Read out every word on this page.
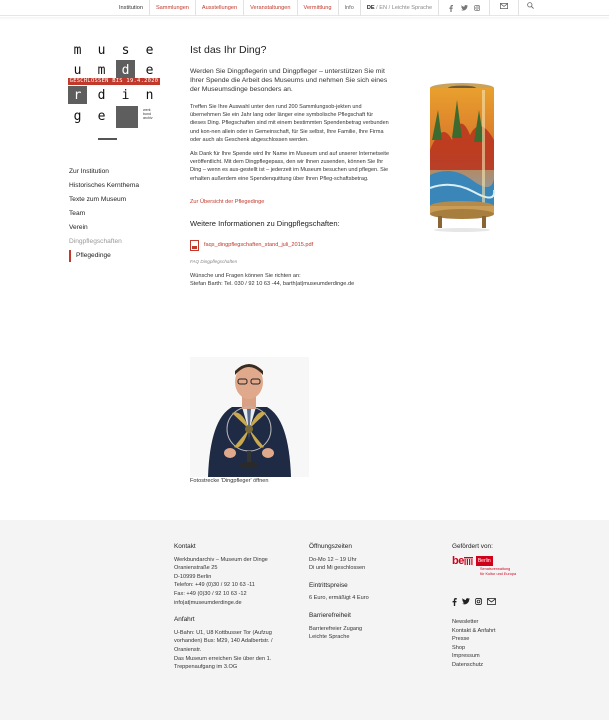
Institution	Sammlungen	Ausstellungen	Veranstaltungen	Vermittlung	Info	DE / EN / Leichte Sprache
m	u	s	e
u	m	d	e
GESCHLOSSEN BIS 19.4.2020
r	d	i	n
g	e	werk
bund
archiv
Zur Institution
Historisches Kernthema
Texte zum Museum
Team
Verein
Dingpflegschaften
Pflegedinge
Ist das Ihr Ding?

Werden Sie Dingpflegerin und Dingpfleger – unterstützen Sie mit Ihrer Spende die Arbeit des Museums und nehmen Sie sich eines der Museumsdinge besonders an.

Treffen Sie Ihre Auswahl unter den rund 200 Sammlungsob-jekten und übernehmen Sie ein Jahr lang oder länger eine symbolische Pflegschaft für dieses Ding. Pflegschaften sind mit einem bestimmten Spendenbetrag verbunden und kon-nen allein oder in Gemeinschaft, für Sie selbst, Ihre Familie, Ihre Firma oder auch als Geschenk abgeschlossen werden.

Als Dank für Ihre Spende wird Ihr Name im Museum und auf unserer Internetseite veröffentlicht. Mit dem Dingpflegepass, den wir Ihnen zusenden, können Sie Ihr Ding – wenn es aus-gestellt ist – jederzeit im Museum besuchen und pflegen. Sie erhalten außerdem eine Spendenquittung über Ihren Pfleg-schaftsbetrag.

Zur Übersicht der Pflegedinge
Weitere Informationen zu Dingpflegschaften:
faqs_dingpflegschaften_stand_juli_2015.pdf
FAQ Dingpflegschaften
Wünsche und Fragen können Sie richten an:
Stefan Barth: Tel. 030 / 92 10 63 -44, barth|at|museumderdinge.de
Fotostrecke 'Dingpfleger' öffnen
Kontakt
Werkbundarchiv – Museum der Dinge
Oranienstraße 25
D-10999 Berlin
Telefon: +49 (0)30 / 92 10 63 -11
Fax: +49 (0)30 / 92 10 63 -12
info|at|museumderdinge.de
Anfahrt
U-Bahn: U1, U8 Kottbusser Tor (Aufzug
vorhanden) Bus: M29, 140 Adalbertstr. /
Oranienstr.
Das Museum erreichen Sie über den 1.
Treppenaufgang im 3.OG
Öffnungszeiten
Do-Mo 12 – 19 Uhr
Di und Mi geschlossen
Eintrittspreise
6 Euro, ermäßigt 4 Euro
Barrierefreiheit
Barrierefreier Zugang
Leichte Sprache
Gefördert von:
be	Berlin
Senatsverwaltung
für Kultur und Europa
Newsletter
Kontakt & Anfahrt
Presse
Shop
Impressum
Datenschutz
